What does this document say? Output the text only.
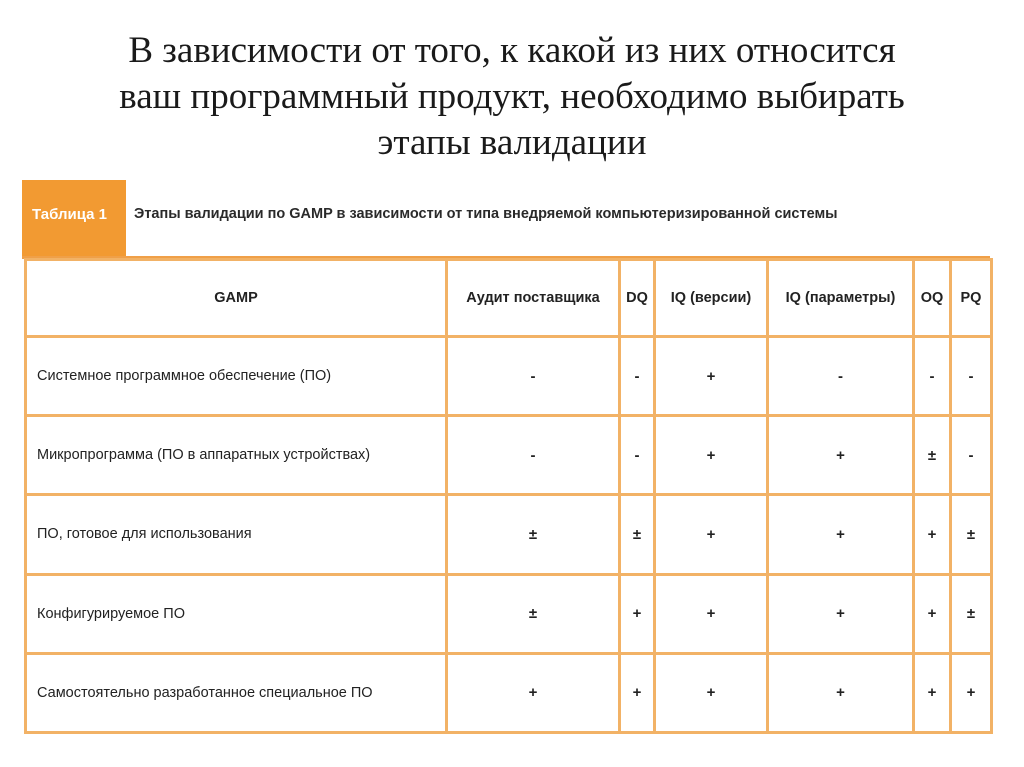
В зависимости от того, к какой из них относится
ваш программный продукт, необходимо выбирать
этапы валидации
Таблица 1	Этапы валидации по GAMP в зависимости от типа внедряемой компьютеризированной системы
GAMP	Аудит поставщика	DQ	IQ (версии)	IQ (параметры)	OQ	PQ
Системное программное обеспечение (ПО)	-	-	+	-	-	-
Микропрограмма (ПО в аппаратных устройствах)	-	-	+	+	±	-
ПО, готовое для использования	±	±	+	+	+	±
Конфигурируемое ПО	±	+	+	+	+	±
Самостоятельно разработанное специальное ПО	+	+	+	+	+	+
